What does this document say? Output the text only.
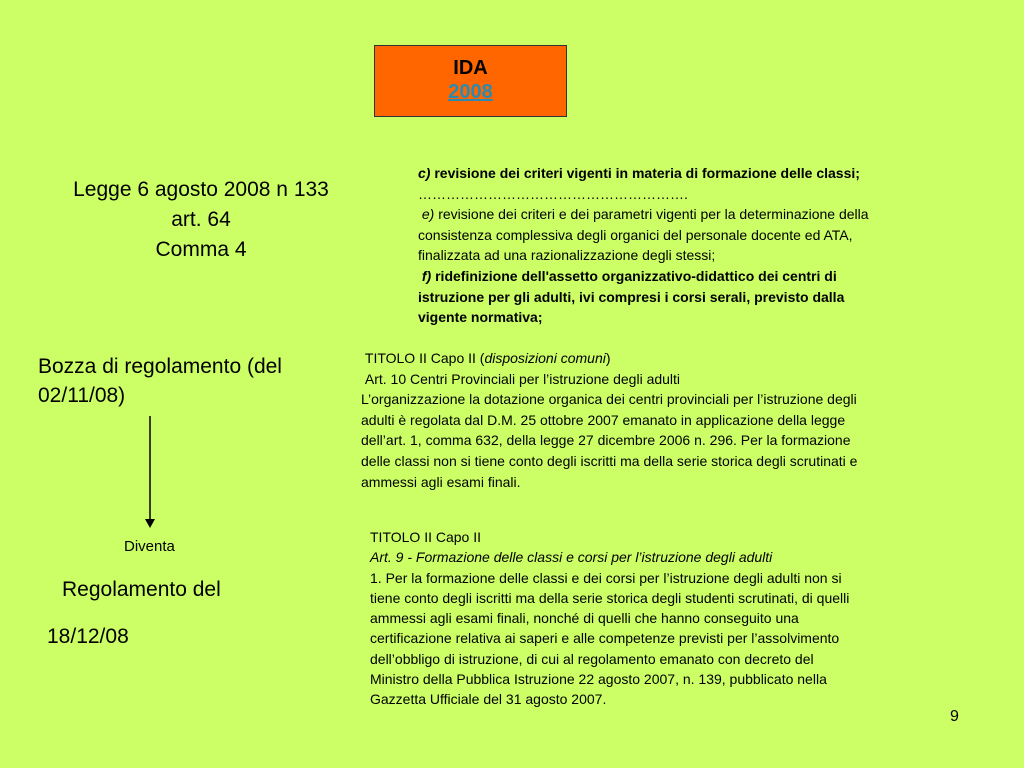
IDA
2008
Legge 6 agosto 2008 n 133
art. 64
Comma 4
Bozza di regolamento (del
02/11/08)
Diventa
Regolamento del
18/12/08
c) revisione dei criteri vigenti in materia di formazione delle classi;
………………………………………………….
e) revisione dei criteri e dei parametri vigenti per la determinazione della
consistenza complessiva degli organici del personale docente ed ATA,
finalizzata ad una razionalizzazione degli stessi;
f) ridefinizione dell'assetto organizzativo-didattico dei centri di
istruzione per gli adulti, ivi compresi i corsi serali, previsto dalla
vigente normativa;
TITOLO II Capo II (disposizioni comuni)
Art. 10 Centri Provinciali per l’istruzione degli adulti
L’organizzazione la dotazione organica dei centri provinciali per l’istruzione degli
adulti è regolata dal D.M. 25 ottobre 2007 emanato in applicazione della legge
dell’art. 1, comma 632, della legge 27 dicembre 2006 n. 296. Per la formazione
delle classi non si tiene conto degli iscritti ma della serie storica degli scrutinati e
ammessi agli esami finali.
TITOLO II Capo II
Art. 9 - Formazione delle classi e corsi per l’istruzione degli adulti
1. Per la formazione delle classi e dei corsi per l’istruzione degli adulti non si
tiene conto degli iscritti ma della serie storica degli studenti scrutinati, di quelli
ammessi agli esami finali, nonché di quelli che hanno conseguito una
certificazione relativa ai saperi e alle competenze previsti per l’assolvimento
dell’obbligo di istruzione, di cui al regolamento emanato con decreto del
Ministro della Pubblica Istruzione 22 agosto 2007, n. 139, pubblicato nella
Gazzetta Ufficiale del 31 agosto 2007.
9
